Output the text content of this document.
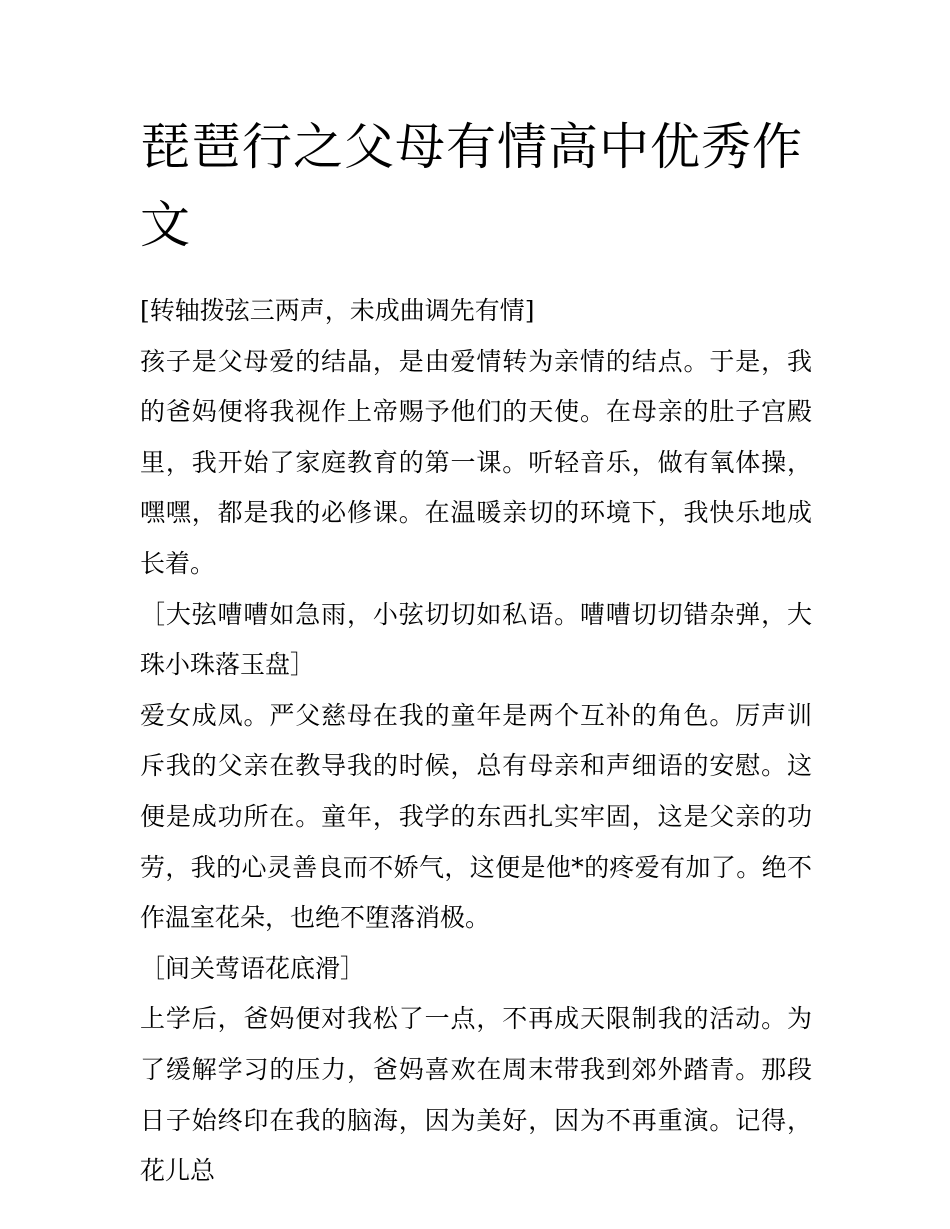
琵琶行之父母有情高中优秀作文

[转轴拨弦三两声，未成曲调先有情]

孩子是父母爱的结晶，是由爱情转为亲情的结点。于是，我的爸妈便将我视作上帝赐予他们的天使。在母亲的肚子宫殿里，我开始了家庭教育的第一课。听轻音乐，做有氧体操，嘿嘿，都是我的必修课。在温暖亲切的环境下，我快乐地成长着。

［大弦嘈嘈如急雨，小弦切切如私语。嘈嘈切切错杂弹，大珠小珠落玉盘］

爱女成凤。严父慈母在我的童年是两个互补的角色。厉声训斥我的父亲在教导我的时候，总有母亲和声细语的安慰。这便是成功所在。童年，我学的东西扎实牢固，这是父亲的功劳，我的心灵善良而不娇气，这便是他*的疼爱有加了。绝不作温室花朵，也绝不堕落消极。

［间关莺语花底滑］

上学后，爸妈便对我松了一点，不再成天限制我的活动。为了缓解学习的压力，爸妈喜欢在周末带我到郊外踏青。那段日子始终印在我的脑海，因为美好，因为不再重演。记得，花儿总
